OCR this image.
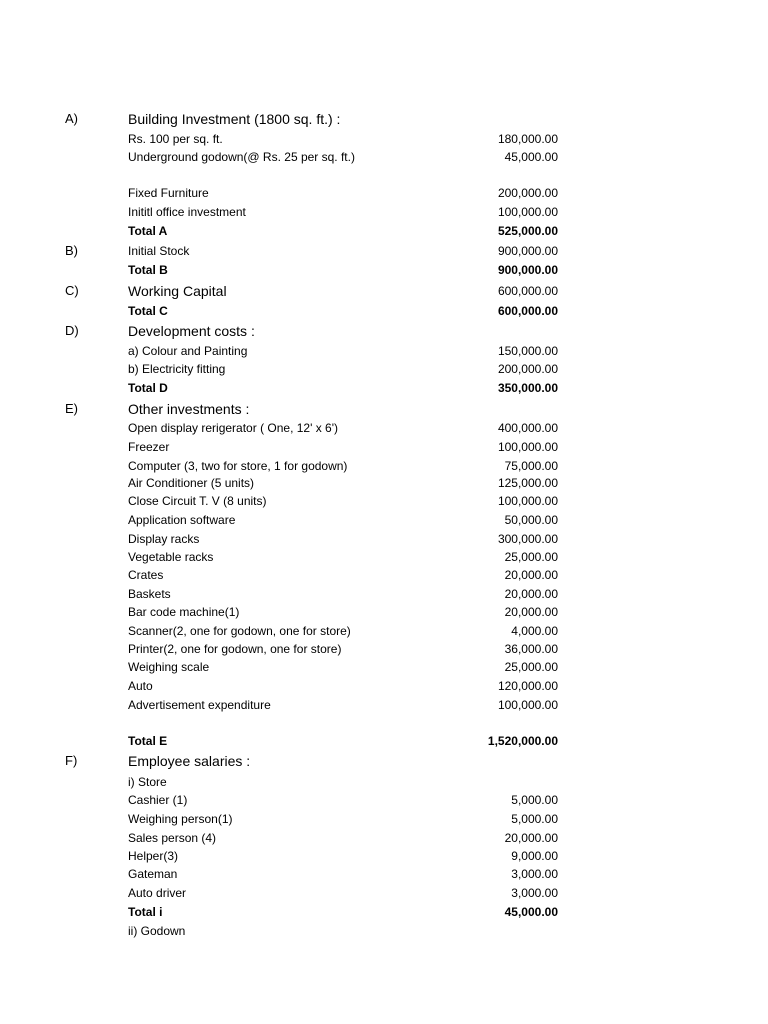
A)	Building Investment (1800 sq. ft.) :
Rs. 100 per sq. ft.	180,000.00
Underground godown(@ Rs. 25 per sq. ft.)	45,000.00
Fixed Furniture	200,000.00
Inititl office investment	100,000.00
Total A	525,000.00
B)	Initial Stock	900,000.00
Total B	900,000.00
C)	Working Capital	600,000.00
Total C	600,000.00
D)	Development costs :
a) Colour and Painting	150,000.00
b) Electricity fitting	200,000.00
Total D	350,000.00
E)	Other investments :
Open display rerigerator ( One, 12' x 6')	400,000.00
Freezer	100,000.00
Computer (3, two for store, 1 for godown)	75,000.00
Air Conditioner (5 units)	125,000.00
Close Circuit T. V (8 units)	100,000.00
Application software	50,000.00
Display racks	300,000.00
Vegetable racks	25,000.00
Crates	20,000.00
Baskets	20,000.00
Bar code machine(1)	20,000.00
Scanner(2, one for godown, one for store)	4,000.00
Printer(2, one for godown, one for store)	36,000.00
Weighing scale	25,000.00
Auto	120,000.00
Advertisement expenditure	100,000.00
Total E	1,520,000.00
F)	Employee salaries :
i) Store
Cashier (1)	5,000.00
Weighing person(1)	5,000.00
Sales person (4)	20,000.00
Helper(3)	9,000.00
Gateman	3,000.00
Auto driver	3,000.00
Total i	45,000.00
ii) Godown
